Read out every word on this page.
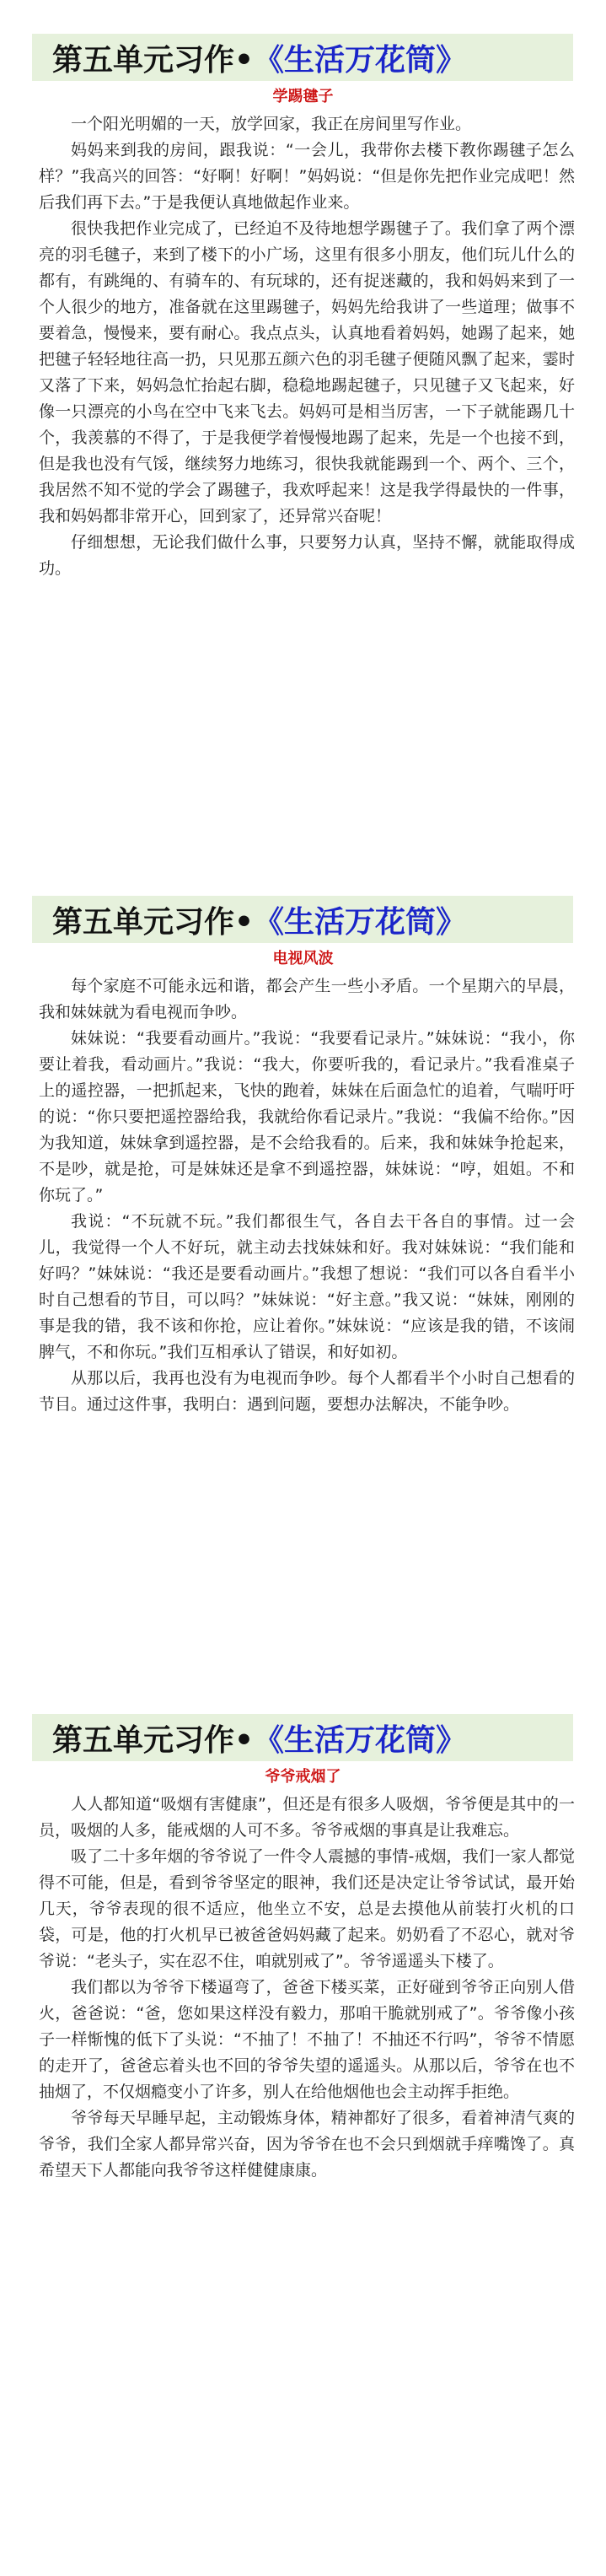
第五单元习作• 《生活万花筒》
学踢毽子

一个阳光明媚的一天，放学回家，我正在房间里写作业。

妈妈来到我的房间，跟我说：“一会儿，我带你去楼下教你踢毽子怎么样？”我高兴的回答：“好啊！好啊！”妈妈说：“但是你先把作业完成吧！然后我们再下去。”于是我便认真地做起作业来。

很快我把作业完成了，已经迫不及待地想学踢毽子了。我们拿了两个漂亮的羽毛毽子，来到了楼下的小广场，这里有很多小朋友，他们玩儿什么的都有，有跳绳的、有骑车的、有玩球的，还有捉迷藏的，我和妈妈来到了一个人很少的地方，准备就在这里踢毽子，妈妈先给我讲了一些道理；做事不要着急，慢慢来，要有耐心。我点点头，认真地看着妈妈，她踢了起来，她把毽子轻轻地往高一扔，只见那五颜六色的羽毛毽子便随风飘了起来，霎时又落了下来，妈妈急忙抬起右脚，稳稳地踢起毽子，只见毽子又飞起来，好像一只漂亮的小鸟在空中飞来飞去。妈妈可是相当厉害，一下子就能踢几十个，我羡慕的不得了，于是我便学着慢慢地踢了起来，先是一个也接不到，但是我也没有气馁，继续努力地练习，很快我就能踢到一个、两个、三个，我居然不知不觉的学会了踢毽子，我欢呼起来！这是我学得最快的一件事，我和妈妈都非常开心，回到家了，还异常兴奋呢！

仔细想想，无论我们做什么事，只要努力认真，坚持不懈，就能取得成功。

第五单元习作• 《生活万花筒》
电视风波

每个家庭不可能永远和谐，都会产生一些小矛盾。一个星期六的早晨，我和妹妹就为看电视而争吵。

妹妹说：“我要看动画片。”我说：“我要看记录片。”妹妹说：“我小，你要让着我，看动画片。”我说：“我大，你要听我的，看记录片。”我看准桌子上的遥控器，一把抓起来，飞快的跑着，妹妹在后面急忙的追着，气喘吁吁的说：“你只要把遥控器给我，我就给你看记录片。”我说：“我偏不给你。”因为我知道，妹妹拿到遥控器，是不会给我看的。后来，我和妹妹争抢起来，不是吵，就是抢，可是妹妹还是拿不到遥控器，妹妹说：“哼，姐姐。不和你玩了。”

我说：“不玩就不玩。”我们都很生气，各自去干各自的事情。过一会儿，我觉得一个人不好玩，就主动去找妹妹和好。我对妹妹说：“我们能和好吗？”妹妹说：“我还是要看动画片。”我想了想说：“我们可以各自看半小时自己想看的节目，可以吗？”妹妹说：“好主意。”我又说：“妹妹，刚刚的事是我的错，我不该和你抢，应让着你。”妹妹说：“应该是我的错，不该闹脾气，不和你玩。”我们互相承认了错误，和好如初。

从那以后，我再也没有为电视而争吵。每个人都看半个小时自己想看的节目。通过这件事，我明白：遇到问题，要想办法解决，不能争吵。

第五单元习作• 《生活万花筒》
爷爷戒烟了

人人都知道“吸烟有害健康”，但还是有很多人吸烟，爷爷便是其中的一员，吸烟的人多，能戒烟的人可不多。爷爷戒烟的事真是让我难忘。

吸了二十多年烟的爷爷说了一件令人震撼的事情-戒烟，我们一家人都觉得不可能，但是，看到爷爷坚定的眼神，我们还是决定让爷爷试试，最开始几天，爷爷表现的很不适应，他坐立不安，总是去摸他从前装打火机的口袋，可是，他的打火机早已被爸爸妈妈藏了起来。奶奶看了不忍心，就对爷爷说：“老头子，实在忍不住，咱就别戒了”。爷爷遥遥头下楼了。

我们都以为爷爷下楼逼弯了，爸爸下楼买菜，正好碰到爷爷正向别人借火，爸爸说：“爸，您如果这样没有毅力，那咱干脆就别戒了”。爷爷像小孩子一样惭愧的低下了头说：“不抽了！不抽了！不抽还不行吗”，爷爷不情愿的走开了，爸爸忘着头也不回的爷爷失望的遥遥头。从那以后，爷爷在也不抽烟了，不仅烟瘾变小了许多，别人在给他烟他也会主动挥手拒绝。

爷爷每天早睡早起，主动锻炼身体，精神都好了很多，看着神清气爽的爷爷，我们全家人都异常兴奋，因为爷爷在也不会只到烟就手痒嘴馋了。真希望天下人都能向我爷爷这样健健康康。
